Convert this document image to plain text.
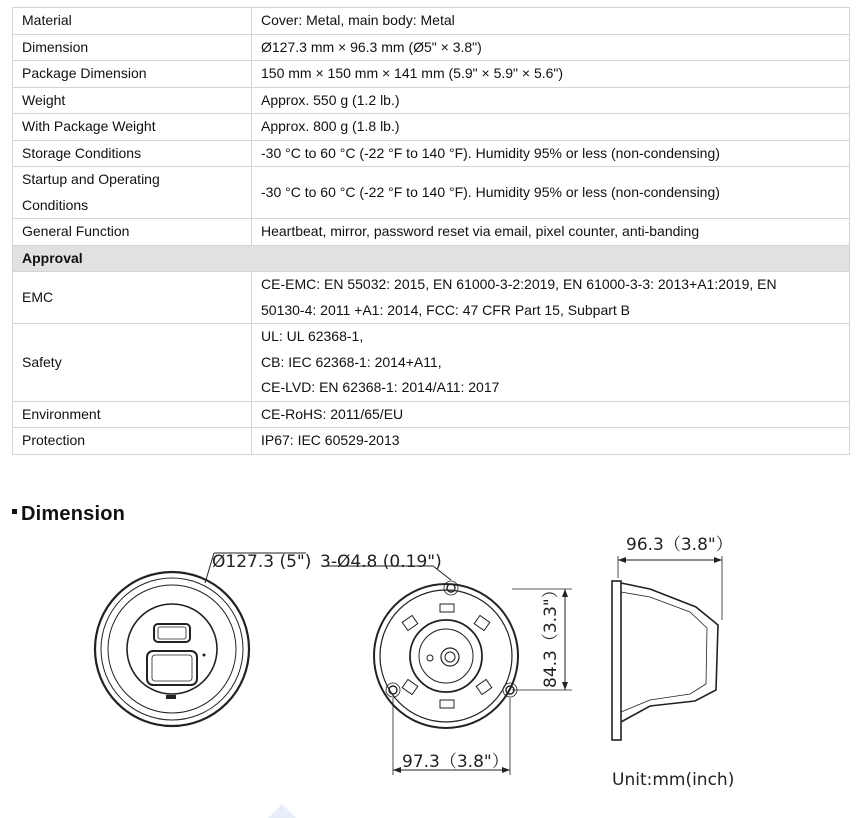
Material	Cover: Metal, main body: Metal
Dimension	Ø127.3 mm × 96.3 mm (Ø5" × 3.8")
Package Dimension	150 mm × 150 mm × 141 mm (5.9" × 5.9" × 5.6")
Weight	Approx. 550 g (1.2 lb.)
With Package Weight	Approx. 800 g (1.8 lb.)
Storage Conditions	-30 °C to 60 °C (-22 °F to 140 °F). Humidity 95% or less (non-condensing)

Startup and Operating
Conditions	-30 °C to 60 °C (-22 °F to 140 °F). Humidity 95% or less (non-condensing)
General Function	Heartbeat, mirror, password reset via email, pixel counter, anti-banding
Approval	
EMC	CE-EMC: EN 55032: 2015, EN 61000-3-2:2019, EN 61000-3-3: 2013+A1:2019, EN
50130-4: 2011 +A1: 2014, FCC: 47 CFR Part 15, Subpart B

Safety	UL: UL 62368-1,
CB: IEC 62368-1: 2014+A11,
CE-LVD: EN 62368-1: 2014/A11: 2017

Environment	CE-RoHS: 2011/65/EU
Protection	IP67: IEC 60529-2013
Dimension
Ø127.3 (5") 3-Ø4.8 (0.19")
84.3（3.3"）
97.3（3.8"）
96.3（3.8"）
Unit:mm(inch)
